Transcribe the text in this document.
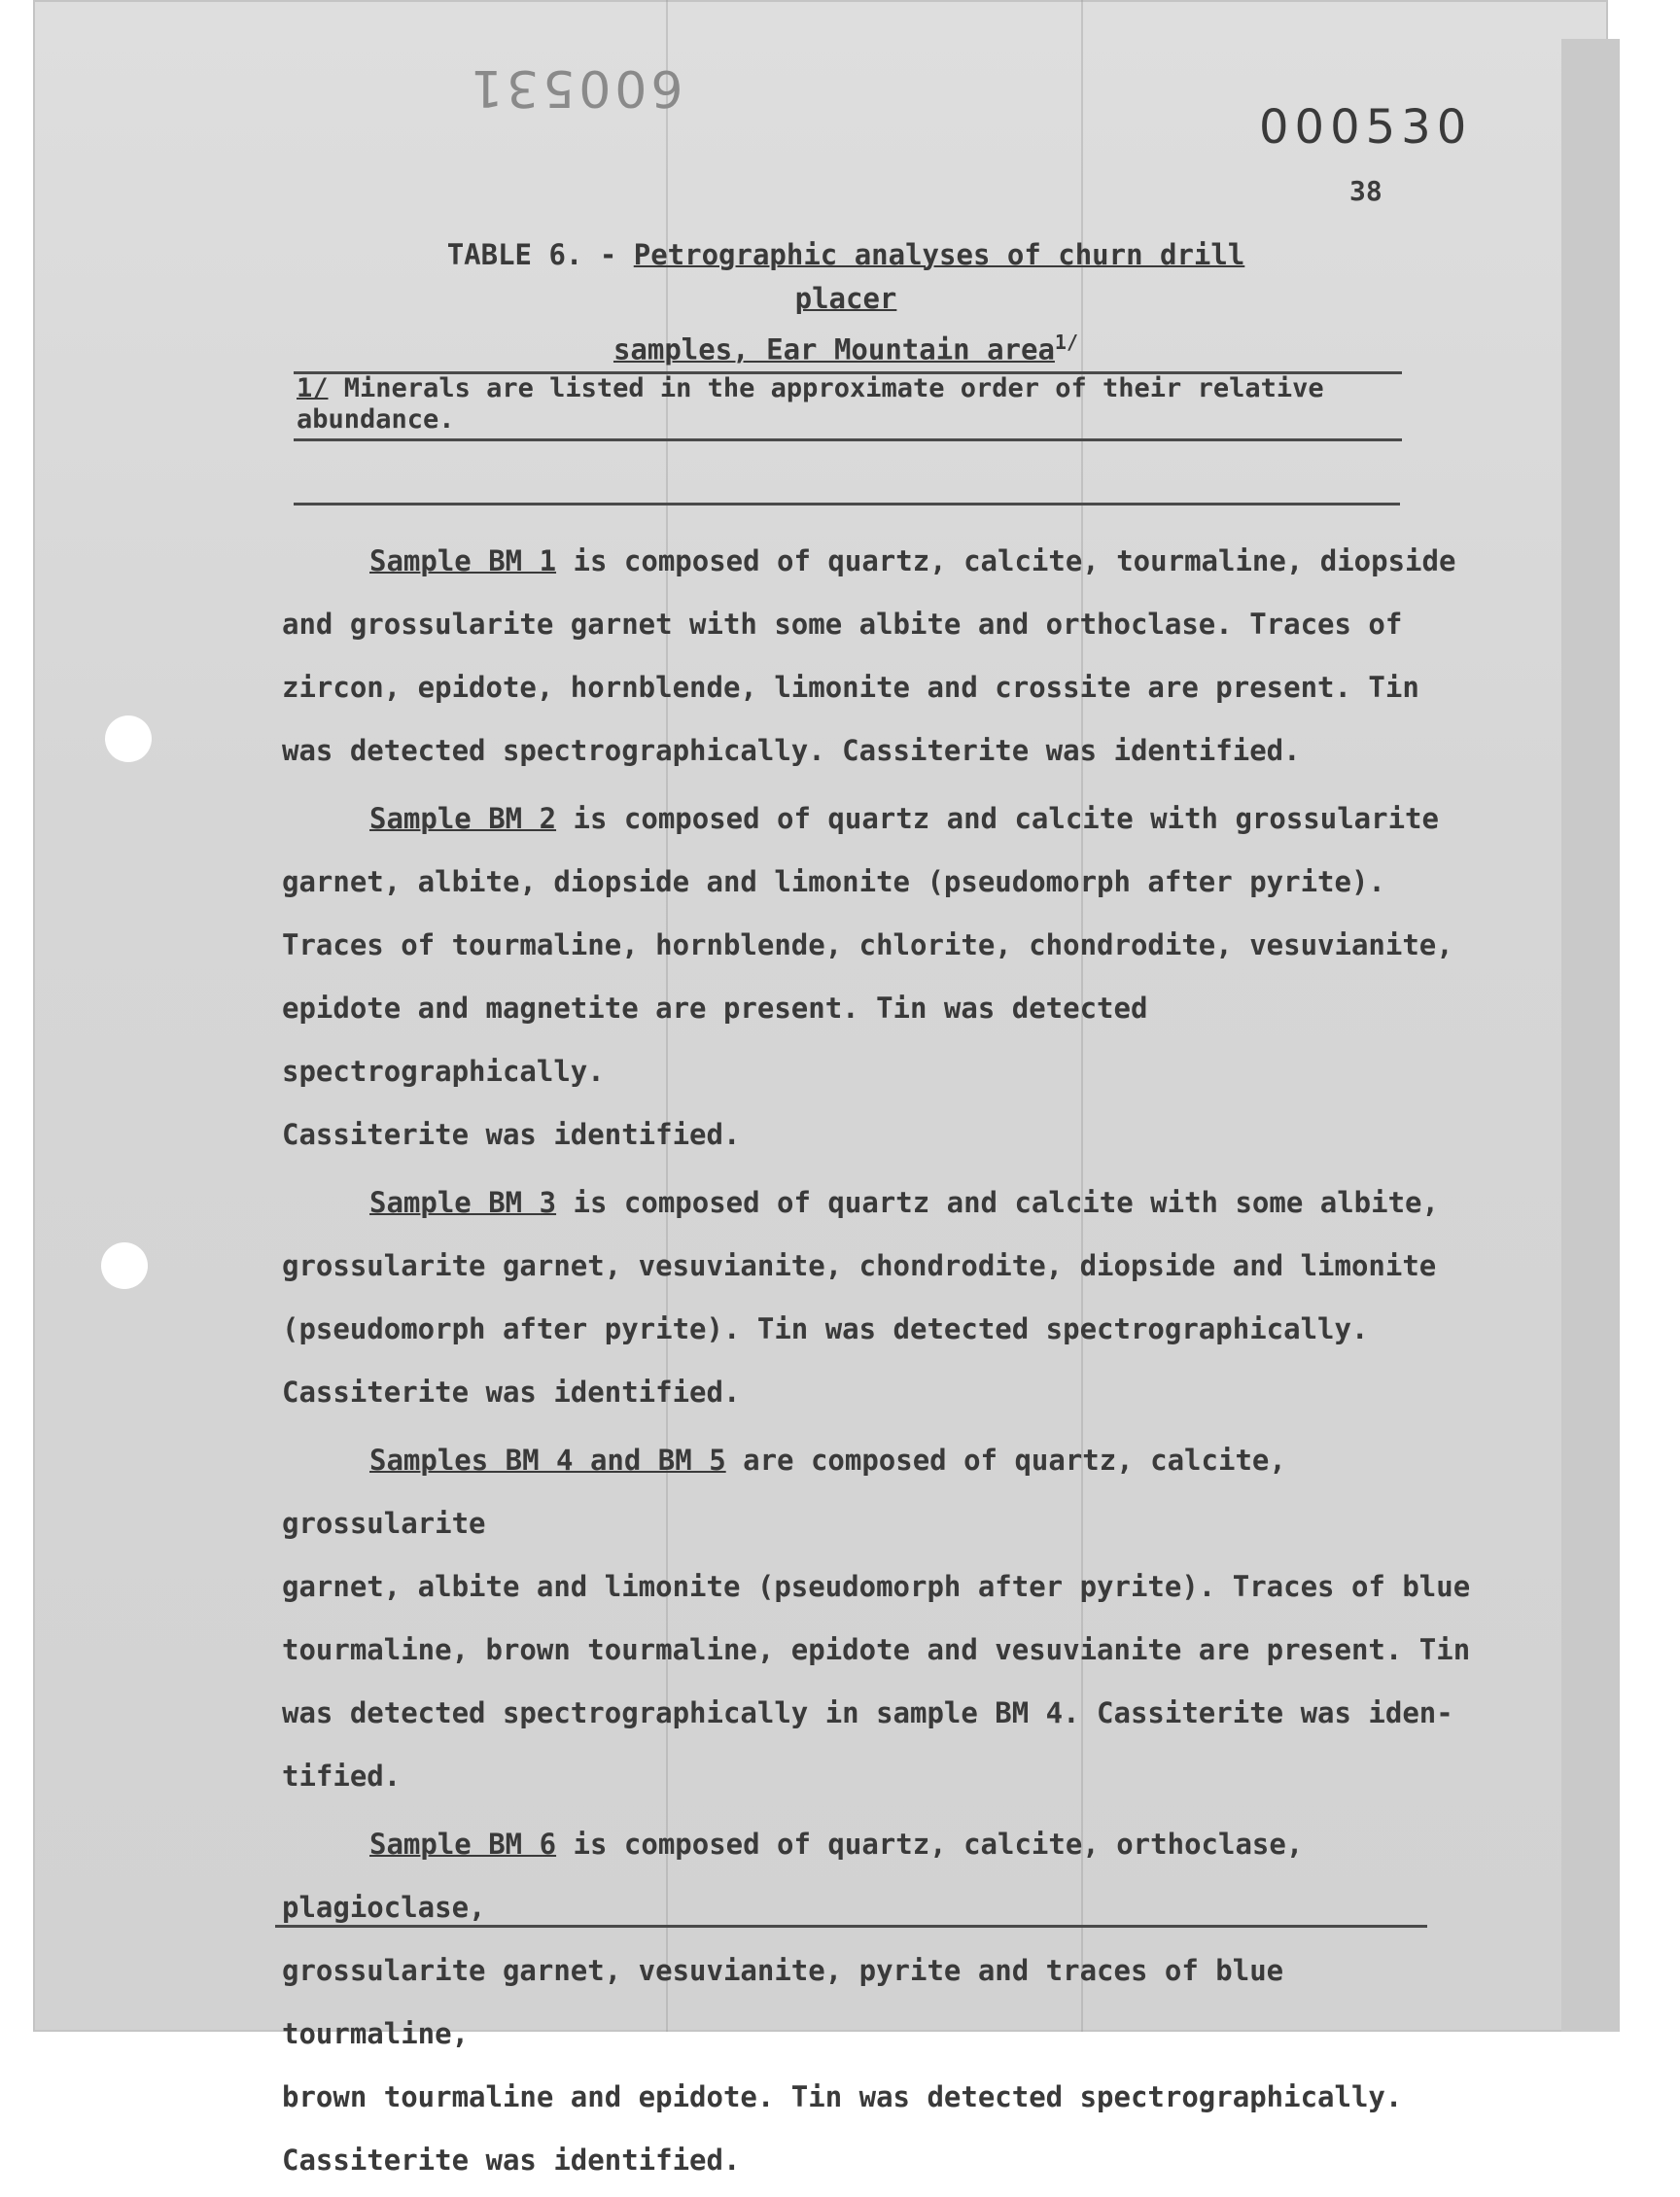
600531
000530
38
TABLE 6. - Petrographic analyses of churn drill placer
samples, Ear Mountain area$^{1/}$
1/ Minerals are listed in the approximate order of their relative abundance.
Sample BM 1 is composed of quartz, calcite, tourmaline, diopside
and grossularite garnet with some albite and orthoclase. Traces of
zircon, epidote, hornblende, limonite and crossite are present. Tin
was detected spectrographically. Cassiterite was identified.
Sample BM 2 is composed of quartz and calcite with grossularite
garnet, albite, diopside and limonite (pseudomorph after pyrite).
Traces of tourmaline, hornblende, chlorite, chondrodite, vesuvianite,
epidote and magnetite are present. Tin was detected spectrographically.
Cassiterite was identified.
Sample BM 3 is composed of quartz and calcite with some albite,
grossularite garnet, vesuvianite, chondrodite, diopside and limonite
(pseudomorph after pyrite). Tin was detected spectrographically.
Cassiterite was identified.
Samples BM 4 and BM 5 are composed of quartz, calcite, grossularite
garnet, albite and limonite (pseudomorph after pyrite). Traces of blue
tourmaline, brown tourmaline, epidote and vesuvianite are present. Tin
was detected spectrographically in sample BM 4. Cassiterite was iden-
tified.
Sample BM 6 is composed of quartz, calcite, orthoclase, plagioclase,
grossularite garnet, vesuvianite, pyrite and traces of blue tourmaline,
brown tourmaline and epidote. Tin was detected spectrographically.
Cassiterite was identified.
